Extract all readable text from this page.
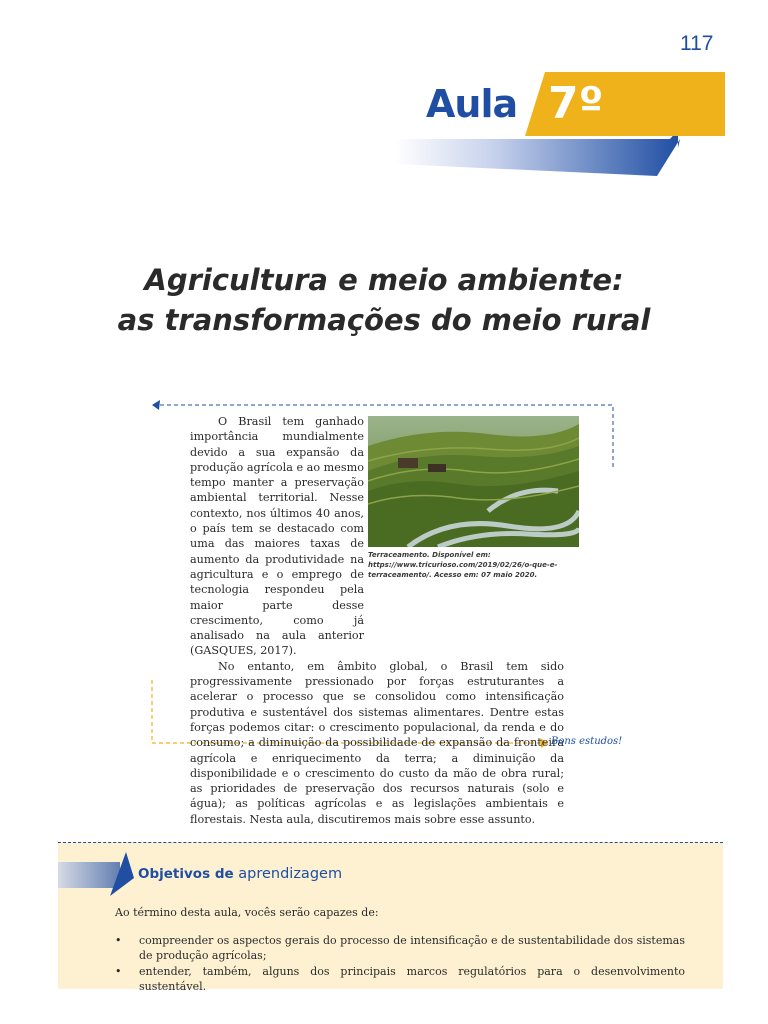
117
Aula 7º
Agricultura e meio ambiente:
as transformações do meio rural

O Brasil tem ganhado importância mundialmente devido a sua expansão da produção agrícola e ao mesmo tempo manter a preservação ambiental territorial. Nesse contexto, nos últimos 40 anos, o país tem se destacado com uma das maiores taxas de aumento da produtividade na agricultura e o emprego de tecnologia respondeu pela maior parte desse crescimento, como já analisado na aula anterior (GASQUES, 2017).

No entanto, em âmbito global, o Brasil tem sido progressivamente pressionado por forças estruturantes a acelerar o processo que se consolidou como intensificação produtiva e sustentável dos sistemas alimentares. Dentre estas forças podemos citar: o crescimento populacional, da renda e do consumo; a diminuição da possibilidade de expansão da fronteira agrícola e enriquecimento da terra; a diminuição da disponibilidade e o crescimento do custo da mão de obra rural; as prioridades de preservação dos recursos naturais (solo e água); as políticas agrícolas e as legislações ambientais e florestais. Nesta aula, discutiremos mais sobre esse assunto.

Terraceamento. Disponível em: https://www.tricurioso.com/2019/02/26/o-que-e-terraceamento/. Acesso em: 07 maio 2020.
Bons estudos!
Objetivos de aprendizagem
Ao término desta aula, vocês serão capazes de:
• compreender os aspectos gerais do processo de intensificação e de sustentabilidade dos sistemas de produção agrícolas;
• entender, também, alguns dos principais marcos regulatórios para o desenvolvimento sustentável.
